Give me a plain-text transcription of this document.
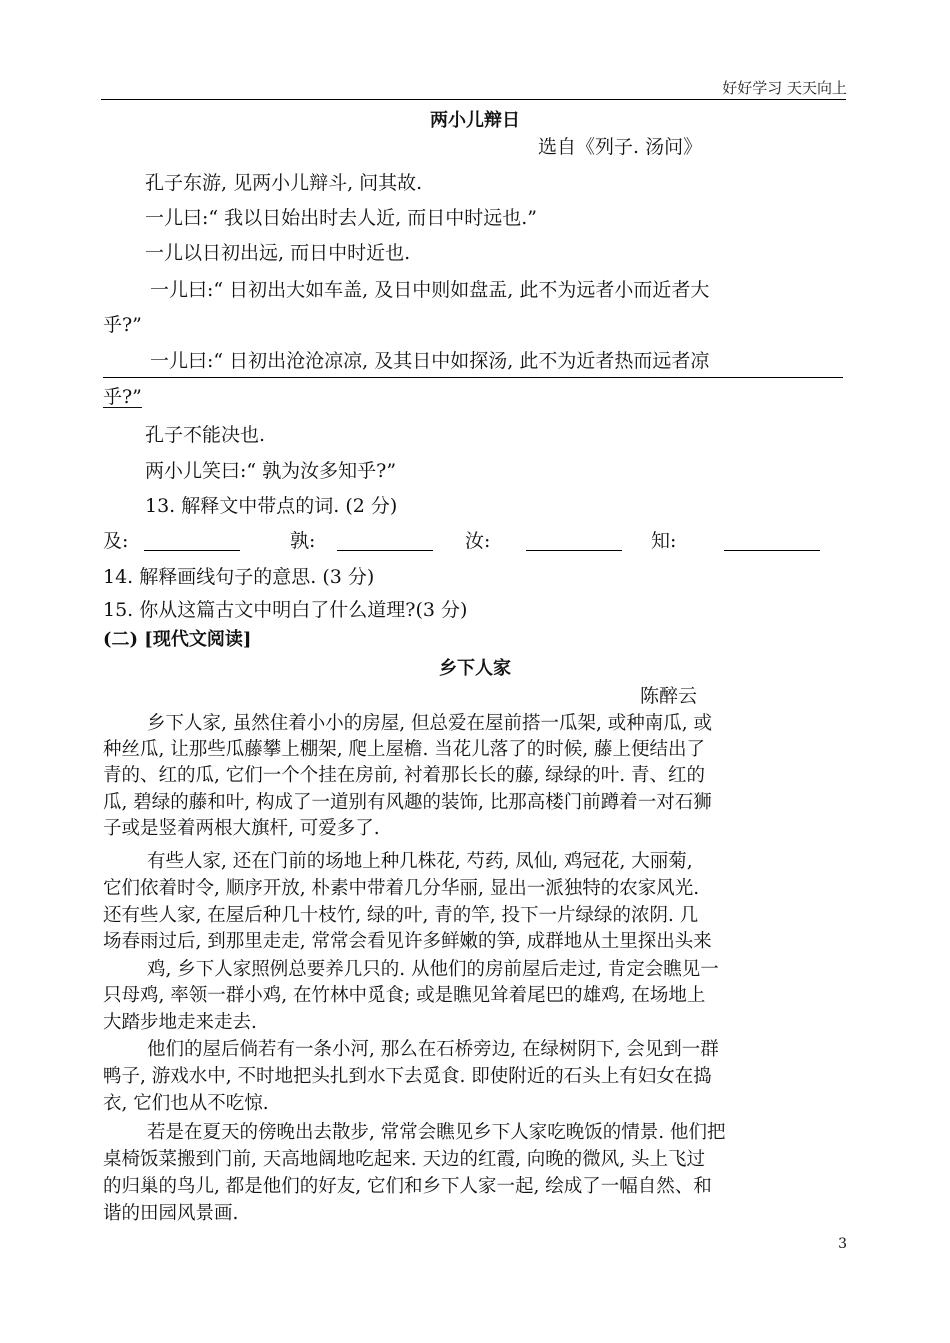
好好学习 天天向上
两小儿辩日
选自《列子. 汤问》
孔子东游, 见两小儿辩斗, 问其故.
一儿曰:“ 我以日始出时去人近, 而日中时远也.”
一儿以日初出远, 而日中时近也.
一儿曰:“ 日初出大如车盖, 及日中则如盘盂, 此不为远者小而近者大
乎?”
一儿曰:“ 日初出沧沧凉凉, 及其日中如探汤, 此不为近者热而远者凉
乎?”
孔子不能决也.
两小儿笑曰:“ 孰为汝多知乎?”
13. 解释文中带点的词. (2 分)
及:	孰:	汝:	知:
14. 解释画线句子的意思. (3 分)
15. 你从这篇古文中明白了什么道理?(3 分)
(二) [现代文阅读]
乡下人家
陈醉云
乡下人家, 虽然住着小小的房屋, 但总爱在屋前搭一瓜架, 或种南瓜, 或
种丝瓜, 让那些瓜藤攀上棚架, 爬上屋檐. 当花儿落了的时候, 藤上便结出了
青的、红的瓜, 它们一个个挂在房前, 衬着那长长的藤, 绿绿的叶. 青、红的
瓜, 碧绿的藤和叶, 构成了一道别有风趣的装饰, 比那高楼门前蹲着一对石狮
子或是竖着两根大旗杆, 可爱多了.
有些人家, 还在门前的场地上种几株花, 芍药, 凤仙, 鸡冠花, 大丽菊,
它们依着时令, 顺序开放, 朴素中带着几分华丽, 显出一派独特的农家风光.
还有些人家, 在屋后种几十枝竹, 绿的叶, 青的竿, 投下一片绿绿的浓阴. 几
场春雨过后, 到那里走走, 常常会看见许多鲜嫩的笋, 成群地从土里探出头来
鸡, 乡下人家照例总要养几只的. 从他们的房前屋后走过, 肯定会瞧见一
只母鸡, 率领一群小鸡, 在竹林中觅食; 或是瞧见耸着尾巴的雄鸡, 在场地上
大踏步地走来走去.
他们的屋后倘若有一条小河, 那么在石桥旁边, 在绿树阴下, 会见到一群
鸭子, 游戏水中, 不时地把头扎到水下去觅食. 即使附近的石头上有妇女在捣
衣, 它们也从不吃惊.
若是在夏天的傍晚出去散步, 常常会瞧见乡下人家吃晚饭的情景. 他们把
桌椅饭菜搬到门前, 天高地阔地吃起来. 天边的红霞, 向晚的微风, 头上飞过
的归巢的鸟儿, 都是他们的好友, 它们和乡下人家一起, 绘成了一幅自然、和
谐的田园风景画.
3
